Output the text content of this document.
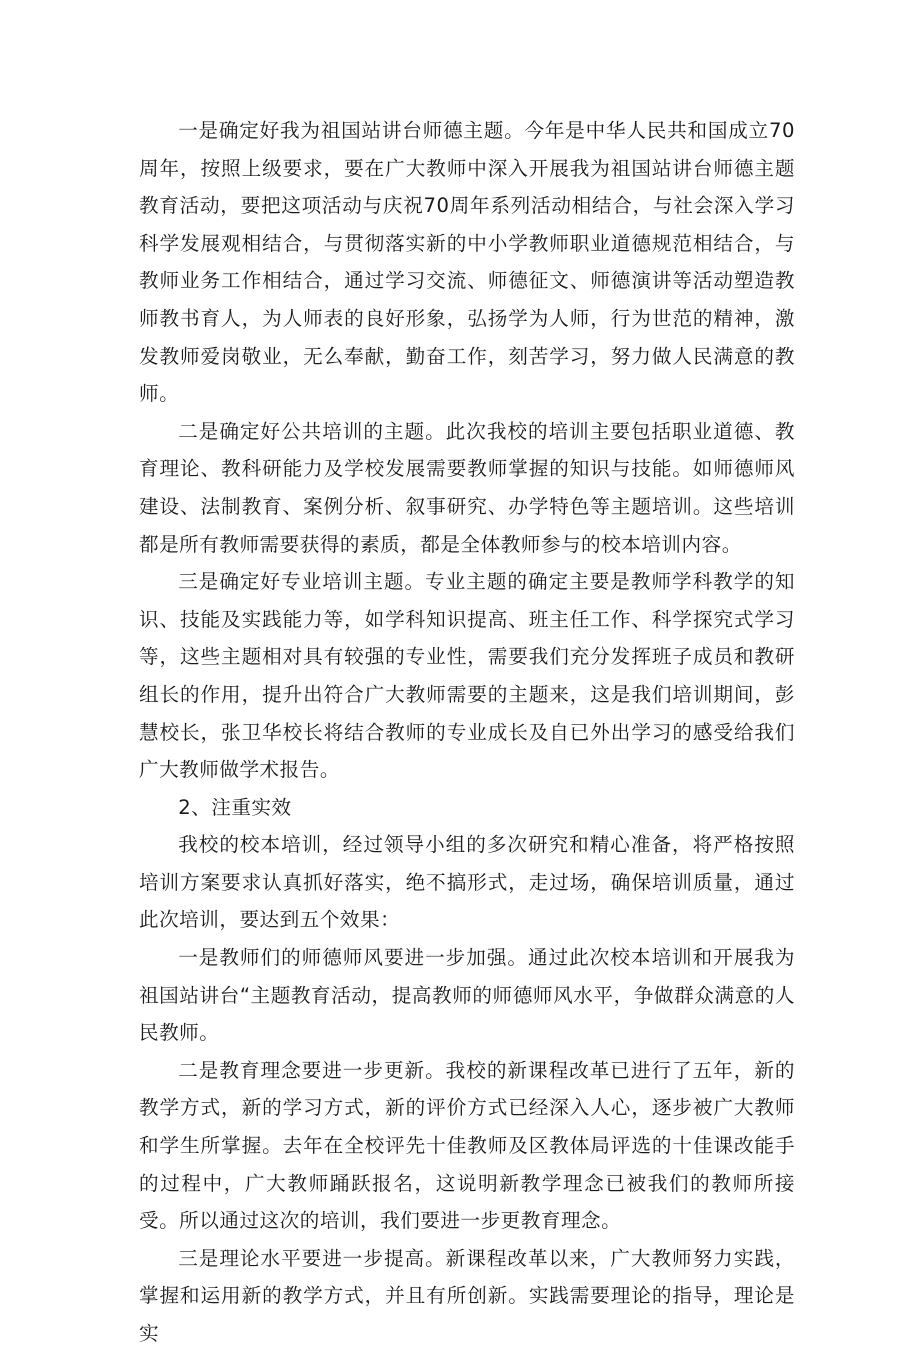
一是确定好我为祖国站讲台师德主题。今年是中华人民共和国成立70周年，按照上级要求，要在广大教师中深入开展我为祖国站讲台师德主题教育活动，要把这项活动与庆祝70周年系列活动相结合，与社会深入学习科学发展观相结合，与贯彻落实新的中小学教师职业道德规范相结合，与教师业务工作相结合，通过学习交流、师德征文、师德演讲等活动塑造教师教书育人，为人师表的良好形象，弘扬学为人师，行为世范的精神，激发教师爱岗敬业，无么奉献，勤奋工作，刻苦学习，努力做人民满意的教师。

二是确定好公共培训的主题。此次我校的培训主要包括职业道德、教育理论、教科研能力及学校发展需要教师掌握的知识与技能。如师德师风建设、法制教育、案例分析、叙事研究、办学特色等主题培训。这些培训都是所有教师需要获得的素质，都是全体教师参与的校本培训内容。

三是确定好专业培训主题。专业主题的确定主要是教师学科教学的知识、技能及实践能力等，如学科知识提高、班主任工作、科学探究式学习等，这些主题相对具有较强的专业性，需要我们充分发挥班子成员和教研组长的作用，提升出符合广大教师需要的主题来，这是我们培训期间，彭慧校长，张卫华校长将结合教师的专业成长及自已外出学习的感受给我们广大教师做学术报告。

2、注重实效

我校的校本培训，经过领导小组的多次研究和精心准备，将严格按照培训方案要求认真抓好落实，绝不搞形式，走过场，确保培训质量，通过此次培训，要达到五个效果：

一是教师们的师德师风要进一步加强。通过此次校本培训和开展我为祖国站讲台“主题教育活动，提高教师的师德师风水平，争做群众满意的人民教师。

二是教育理念要进一步更新。我校的新课程改革已进行了五年，新的教学方式，新的学习方式，新的评价方式已经深入人心，逐步被广大教师和学生所掌握。去年在全校评先十佳教师及区教体局评选的十佳课改能手的过程中，广大教师踊跃报名，这说明新教学理念已被我们的教师所接受。所以通过这次的培训，我们要进一步更教育理念。

三是理论水平要进一步提高。新课程改革以来，广大教师努力实践，掌握和运用新的教学方式，并且有所创新。实践需要理论的指导，理论是实
